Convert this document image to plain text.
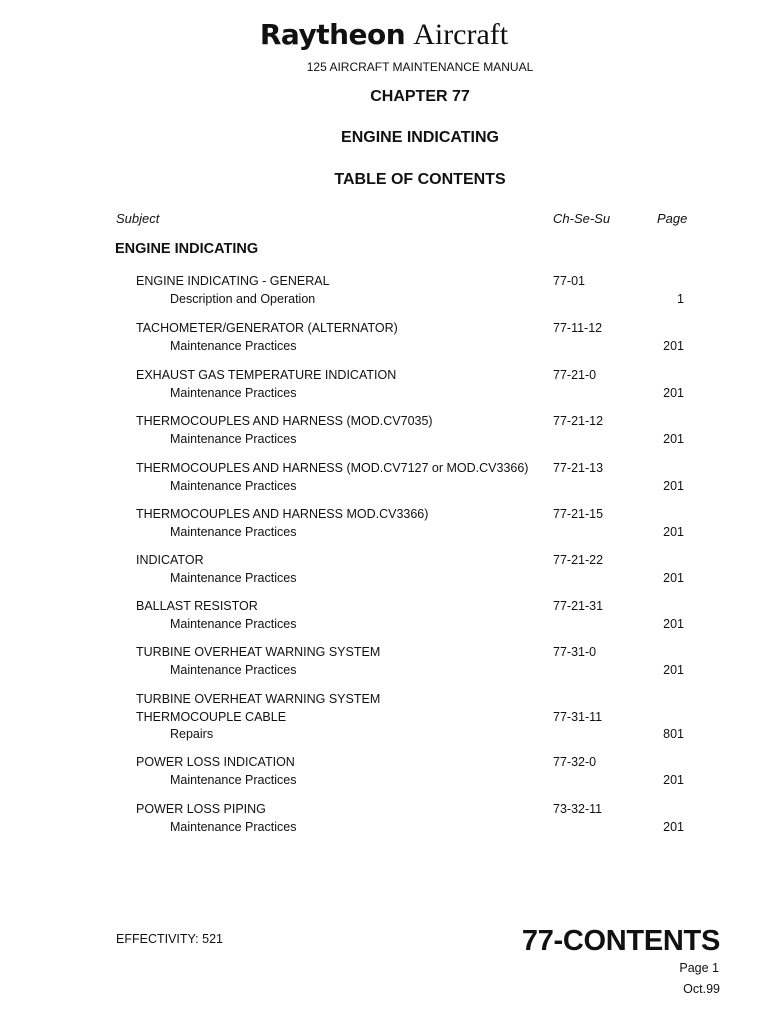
Raytheon Aircraft
125 AIRCRAFT MAINTENANCE MANUAL
CHAPTER 77
ENGINE INDICATING
TABLE OF CONTENTS
Subject	Ch-Se-Su	Page
ENGINE INDICATING
ENGINE INDICATING - GENERAL	77-01
Description and Operation	1
TACHOMETER/GENERATOR (ALTERNATOR)	77-11-12
Maintenance Practices	201
EXHAUST GAS TEMPERATURE INDICATION	77-21-0
Maintenance Practices	201
THERMOCOUPLES AND HARNESS (MOD.CV7035)	77-21-12
Maintenance Practices	201
THERMOCOUPLES AND HARNESS (MOD.CV7127 or MOD.CV3366) 77-21-13
Maintenance Practices	201
THERMOCOUPLES AND HARNESS MOD.CV3366)	77-21-15
Maintenance Practices	201
INDICATOR	77-21-22
Maintenance Practices	201
BALLAST RESISTOR	77-21-31
Maintenance Practices	201
TURBINE OVERHEAT WARNING SYSTEM	77-31-0
Maintenance Practices	201
TURBINE OVERHEAT WARNING SYSTEM
THERMOCOUPLE CABLE	77-31-11
Repairs	801
POWER LOSS INDICATION	77-32-0
Maintenance Practices	201
POWER LOSS PIPING	73-32-11
Maintenance Practices	201
EFFECTIVITY: 521	77-CONTENTS
Page 1
Oct.99
